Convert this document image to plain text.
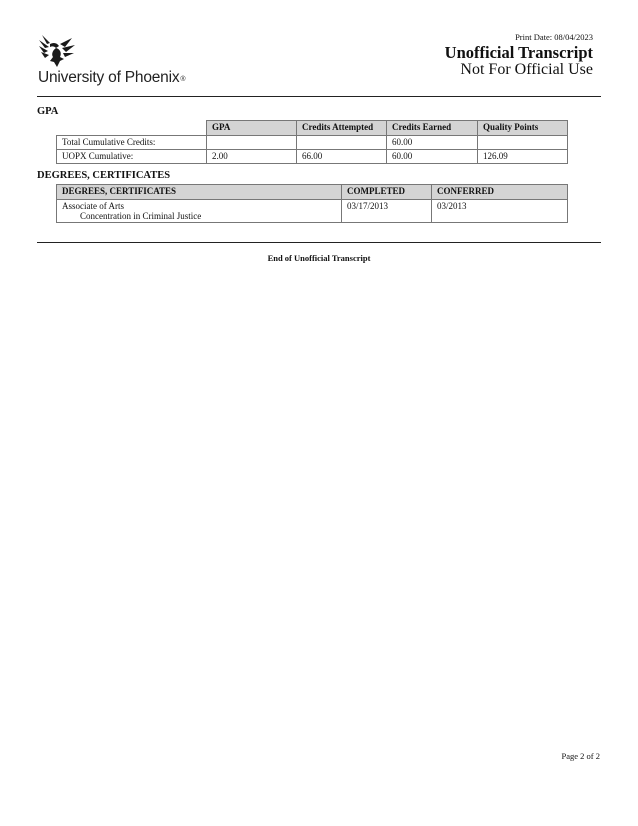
University of Phoenix®
Print Date: 08/04/2023
Unofficial Transcript
Not For Official Use
GPA
	GPA	Credits Attempted	Credits Earned	Quality Points
Total Cumulative Credits:			60.00	
UOPX Cumulative:	2.00	66.00	60.00	126.09
DEGREES, CERTIFICATES
DEGREES, CERTIFICATES	COMPLETED	CONFERRED
Associate of Arts
Concentration in Criminal Justice	03/17/2013	03/2013
End of Unofficial Transcript
Page 2 of 2
